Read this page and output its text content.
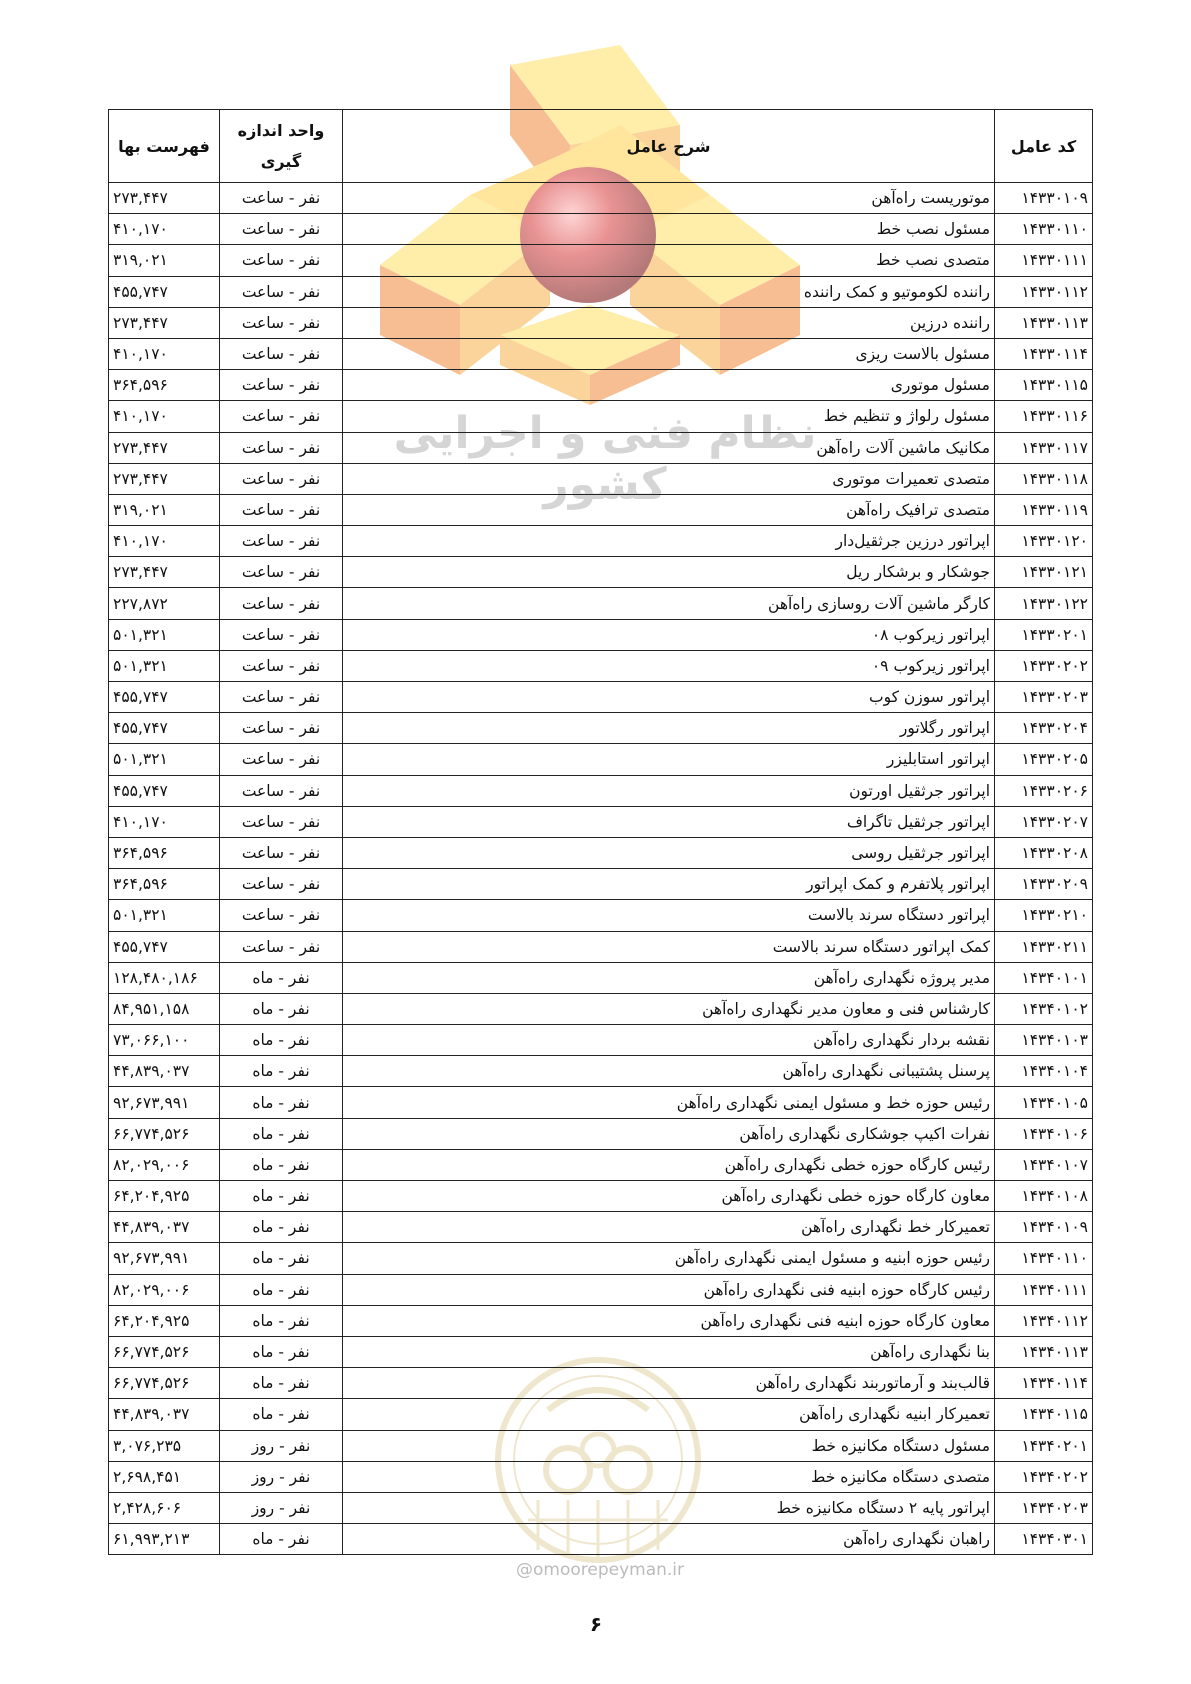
نظام فنی و اجرایی کشور
@omoorepeyman.ir
کد عامل	شرح عامل	واحد اندازه گیری	فهرست بها
۱۴۳۳۰۱۰۹	موتوریست راه‌آهن	نفر - ساعت	۲۷۳,۴۴۷
۱۴۳۳۰۱۱۰	مسئول نصب خط	نفر - ساعت	۴۱۰,۱۷۰
۱۴۳۳۰۱۱۱	متصدی نصب خط	نفر - ساعت	۳۱۹,۰۲۱
۱۴۳۳۰۱۱۲	راننده لکوموتیو و کمک راننده	نفر - ساعت	۴۵۵,۷۴۷
۱۴۳۳۰۱۱۳	راننده درزین	نفر - ساعت	۲۷۳,۴۴۷
۱۴۳۳۰۱۱۴	مسئول بالاست ریزی	نفر - ساعت	۴۱۰,۱۷۰
۱۴۳۳۰۱۱۵	مسئول موتوری	نفر - ساعت	۳۶۴,۵۹۶
۱۴۳۳۰۱۱۶	مسئول رلواژ و تنظیم خط	نفر - ساعت	۴۱۰,۱۷۰
۱۴۳۳۰۱۱۷	مکانیک ماشین آلات راه‌آهن	نفر - ساعت	۲۷۳,۴۴۷
۱۴۳۳۰۱۱۸	متصدی تعمیرات موتوری	نفر - ساعت	۲۷۳,۴۴۷
۱۴۳۳۰۱۱۹	متصدی ترافیک راه‌آهن	نفر - ساعت	۳۱۹,۰۲۱
۱۴۳۳۰۱۲۰	اپراتور درزین جرثقیل‌دار	نفر - ساعت	۴۱۰,۱۷۰
۱۴۳۳۰۱۲۱	جوشکار و برشکار ریل	نفر - ساعت	۲۷۳,۴۴۷
۱۴۳۳۰۱۲۲	کارگر ماشین آلات روسازی راه‌آهن	نفر - ساعت	۲۲۷,۸۷۲
۱۴۳۳۰۲۰۱	اپراتور زیرکوب ۰۸	نفر - ساعت	۵۰۱,۳۲۱
۱۴۳۳۰۲۰۲	اپراتور زیرکوب ۰۹	نفر - ساعت	۵۰۱,۳۲۱
۱۴۳۳۰۲۰۳	اپراتور سوزن کوب	نفر - ساعت	۴۵۵,۷۴۷
۱۴۳۳۰۲۰۴	اپراتور رگلاتور	نفر - ساعت	۴۵۵,۷۴۷
۱۴۳۳۰۲۰۵	اپراتور استابلیزر	نفر - ساعت	۵۰۱,۳۲۱
۱۴۳۳۰۲۰۶	اپراتور جرثقیل اورتون	نفر - ساعت	۴۵۵,۷۴۷
۱۴۳۳۰۲۰۷	اپراتور جرثقیل تاگراف	نفر - ساعت	۴۱۰,۱۷۰
۱۴۳۳۰۲۰۸	اپراتور جرثقیل روسی	نفر - ساعت	۳۶۴,۵۹۶
۱۴۳۳۰۲۰۹	اپراتور پلاتفرم و کمک اپراتور	نفر - ساعت	۳۶۴,۵۹۶
۱۴۳۳۰۲۱۰	اپراتور دستگاه سرند بالاست	نفر - ساعت	۵۰۱,۳۲۱
۱۴۳۳۰۲۱۱	کمک اپراتور دستگاه سرند بالاست	نفر - ساعت	۴۵۵,۷۴۷
۱۴۳۴۰۱۰۱	مدیر پروژه نگهداری راه‌آهن	نفر - ماه	۱۲۸,۴۸۰,۱۸۶
۱۴۳۴۰۱۰۲	کارشناس فنی و معاون مدیر نگهداری راه‌آهن	نفر - ماه	۸۴,۹۵۱,۱۵۸
۱۴۳۴۰۱۰۳	نقشه بردار نگهداری راه‌آهن	نفر - ماه	۷۳,۰۶۶,۱۰۰
۱۴۳۴۰۱۰۴	پرسنل پشتیبانی نگهداری راه‌آهن	نفر - ماه	۴۴,۸۳۹,۰۳۷
۱۴۳۴۰۱۰۵	رئیس حوزه خط و مسئول ایمنی نگهداری راه‌آهن	نفر - ماه	۹۲,۶۷۳,۹۹۱
۱۴۳۴۰۱۰۶	نفرات اکیپ جوشکاری نگهداری راه‌آهن	نفر - ماه	۶۶,۷۷۴,۵۲۶
۱۴۳۴۰۱۰۷	رئیس کارگاه حوزه خطی نگهداری راه‌آهن	نفر - ماه	۸۲,۰۲۹,۰۰۶
۱۴۳۴۰۱۰۸	معاون کارگاه حوزه خطی نگهداری راه‌آهن	نفر - ماه	۶۴,۲۰۴,۹۲۵
۱۴۳۴۰۱۰۹	تعمیرکار خط نگهداری راه‌آهن	نفر - ماه	۴۴,۸۳۹,۰۳۷
۱۴۳۴۰۱۱۰	رئیس حوزه ابنیه و مسئول ایمنی نگهداری راه‌آهن	نفر - ماه	۹۲,۶۷۳,۹۹۱
۱۴۳۴۰۱۱۱	رئیس کارگاه حوزه ابنیه فنی نگهداری راه‌آهن	نفر - ماه	۸۲,۰۲۹,۰۰۶
۱۴۳۴۰۱۱۲	معاون کارگاه حوزه ابنیه فنی نگهداری راه‌آهن	نفر - ماه	۶۴,۲۰۴,۹۲۵
۱۴۳۴۰۱۱۳	بنا نگهداری راه‌آهن	نفر - ماه	۶۶,۷۷۴,۵۲۶
۱۴۳۴۰۱۱۴	قالب‌بند و آرماتوربند نگهداری راه‌آهن	نفر - ماه	۶۶,۷۷۴,۵۲۶
۱۴۳۴۰۱۱۵	تعمیرکار ابنیه نگهداری راه‌آهن	نفر - ماه	۴۴,۸۳۹,۰۳۷
۱۴۳۴۰۲۰۱	مسئول دستگاه مکانیزه خط	نفر - روز	۳,۰۷۶,۲۳۵
۱۴۳۴۰۲۰۲	متصدی دستگاه مکانیزه خط	نفر - روز	۲,۶۹۸,۴۵۱
۱۴۳۴۰۲۰۳	اپراتور پایه ۲ دستگاه مکانیزه خط	نفر - روز	۲,۴۲۸,۶۰۶
۱۴۳۴۰۳۰۱	راهبان نگهداری راه‌آهن	نفر - ماه	۶۱,۹۹۳,۲۱۳
۶
